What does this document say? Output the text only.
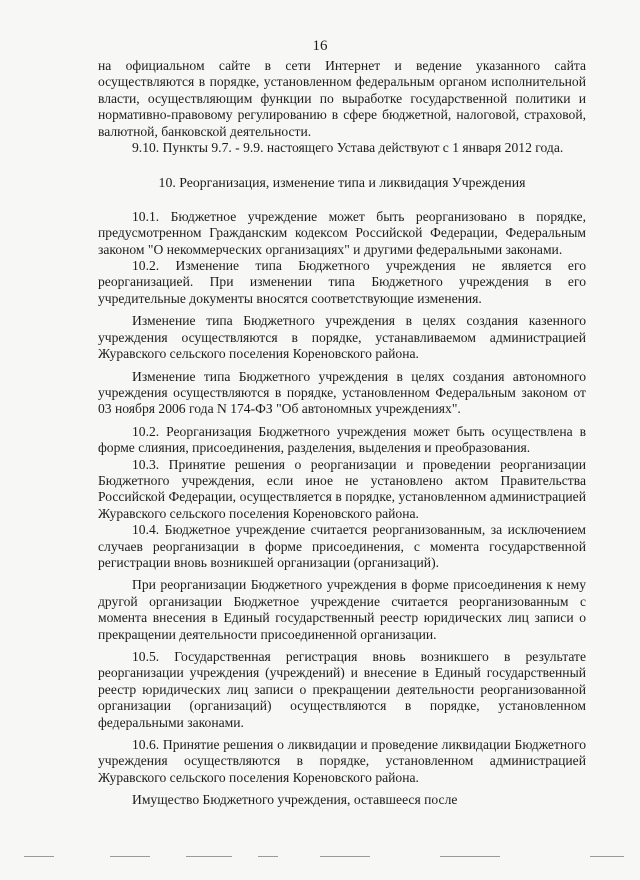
16

на официальном сайте в сети Интернет и ведение указанного сайта осуществляются в порядке, установленном федеральным органом исполнительной власти, осуществляющим функции по выработке государственной политики и нормативно-правовому регулированию в сфере бюджетной, налоговой, страховой, валютной, банковской деятельности.

9.10. Пункты 9.7. - 9.9. настоящего Устава действуют с 1 января 2012 года.

10. Реорганизация, изменение типа и ликвидация Учреждения

10.1. Бюджетное учреждение может быть реорганизовано в порядке, предусмотренном Гражданским кодексом Российской Федерации, Федеральным законом "О некоммерческих организациях" и другими федеральными законами.

10.2. Изменение типа Бюджетного учреждения не является его реорганизацией. При изменении типа Бюджетного учреждения в его учредительные документы вносятся соответствующие изменения.

Изменение типа Бюджетного учреждения в целях создания казенного учреждения осуществляются в порядке, устанавливаемом администрацией Журавского сельского поселения Кореновского района.

Изменение типа Бюджетного учреждения в целях создания автономного учреждения осуществляются в порядке, установленном Федеральным законом от 03 ноября 2006 года N 174-ФЗ "Об автономных учреждениях".

10.2. Реорганизация Бюджетного учреждения может быть осуществлена в форме слияния, присоединения, разделения, выделения и преобразования.

10.3. Принятие решения о реорганизации и проведении реорганизации Бюджетного учреждения, если иное не установлено актом Правительства Российской Федерации, осуществляется в порядке, установленном администрацией Журавского сельского поселения Кореновского района.

10.4. Бюджетное учреждение считается реорганизованным, за исключением случаев реорганизации в форме присоединения, с момента государственной регистрации вновь возникшей организации (организаций).

При реорганизации Бюджетного учреждения в форме присоединения к нему другой организации Бюджетное учреждение считается реорганизованным с момента внесения в Единый государственный реестр юридических лиц записи о прекращении деятельности присоединенной организации.

10.5. Государственная регистрация вновь возникшего в результате реорганизации учреждения (учреждений) и внесение в Единый государственный реестр юридических лиц записи о прекращении деятельности реорганизованной организации (организаций) осуществляются в порядке, установленном федеральными законами.

10.6. Принятие решения о ликвидации и проведение ликвидации Бюджетного учреждения осуществляются в порядке, установленном администрацией Журавского сельского поселения Кореновского района.

Имущество Бюджетного учреждения, оставшееся после
